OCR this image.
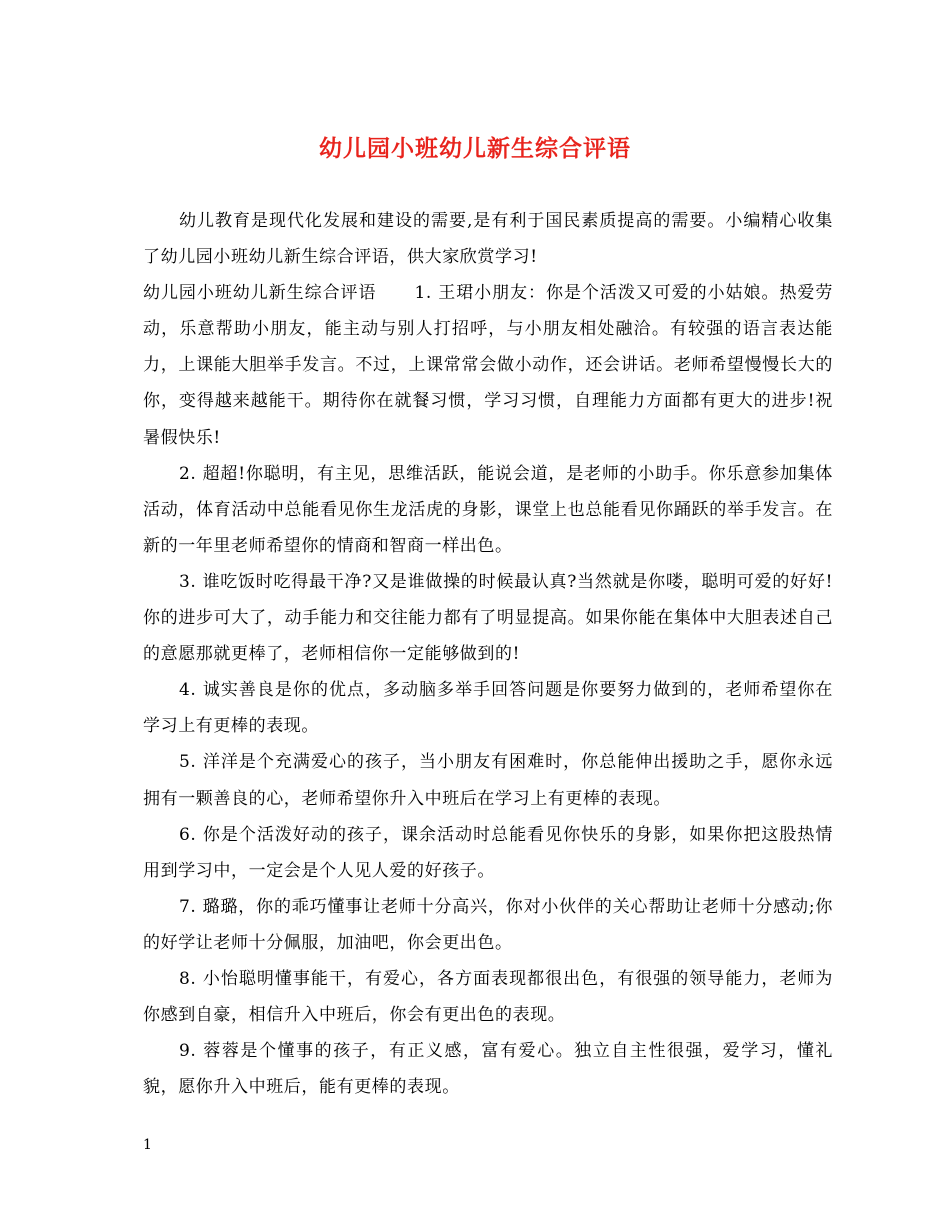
幼儿园小班幼儿新生综合评语

幼儿教育是现代化发展和建设的需要,是有利于国民素质提高的需要。小编精心收集了幼儿园小班幼儿新生综合评语，供大家欣赏学习!

幼儿园小班幼儿新生综合评语 1. 王珺小朋友：你是个活泼又可爱的小姑娘。热爱劳动，乐意帮助小朋友，能主动与别人打招呼，与小朋友相处融洽。有较强的语言表达能力，上课能大胆举手发言。不过，上课常常会做小动作，还会讲话。老师希望慢慢长大的你，变得越来越能干。期待你在就餐习惯，学习习惯，自理能力方面都有更大的进步!祝暑假快乐!

2. 超超!你聪明，有主见，思维活跃，能说会道，是老师的小助手。你乐意参加集体活动，体育活动中总能看见你生龙活虎的身影，课堂上也总能看见你踊跃的举手发言。在新的一年里老师希望你的情商和智商一样出色。

3. 谁吃饭时吃得最干净?又是谁做操的时候最认真?当然就是你喽，聪明可爱的好好!你的进步可大了，动手能力和交往能力都有了明显提高。如果你能在集体中大胆表述自己的意愿那就更棒了，老师相信你一定能够做到的!

4. 诚实善良是你的优点，多动脑多举手回答问题是你要努力做到的，老师希望你在学习上有更棒的表现。

5. 洋洋是个充满爱心的孩子，当小朋友有困难时，你总能伸出援助之手，愿你永远拥有一颗善良的心，老师希望你升入中班后在学习上有更棒的表现。

6. 你是个活泼好动的孩子，课余活动时总能看见你快乐的身影，如果你把这股热情用到学习中，一定会是个人见人爱的好孩子。

7. 璐璐，你的乖巧懂事让老师十分高兴，你对小伙伴的关心帮助让老师十分感动;你的好学让老师十分佩服，加油吧，你会更出色。

8. 小怡聪明懂事能干，有爱心，各方面表现都很出色，有很强的领导能力，老师为你感到自豪，相信升入中班后，你会有更出色的表现。

9. 蓉蓉是个懂事的孩子，有正义感，富有爱心。独立自主性很强，爱学习，懂礼貌，愿你升入中班后，能有更棒的表现。

1
